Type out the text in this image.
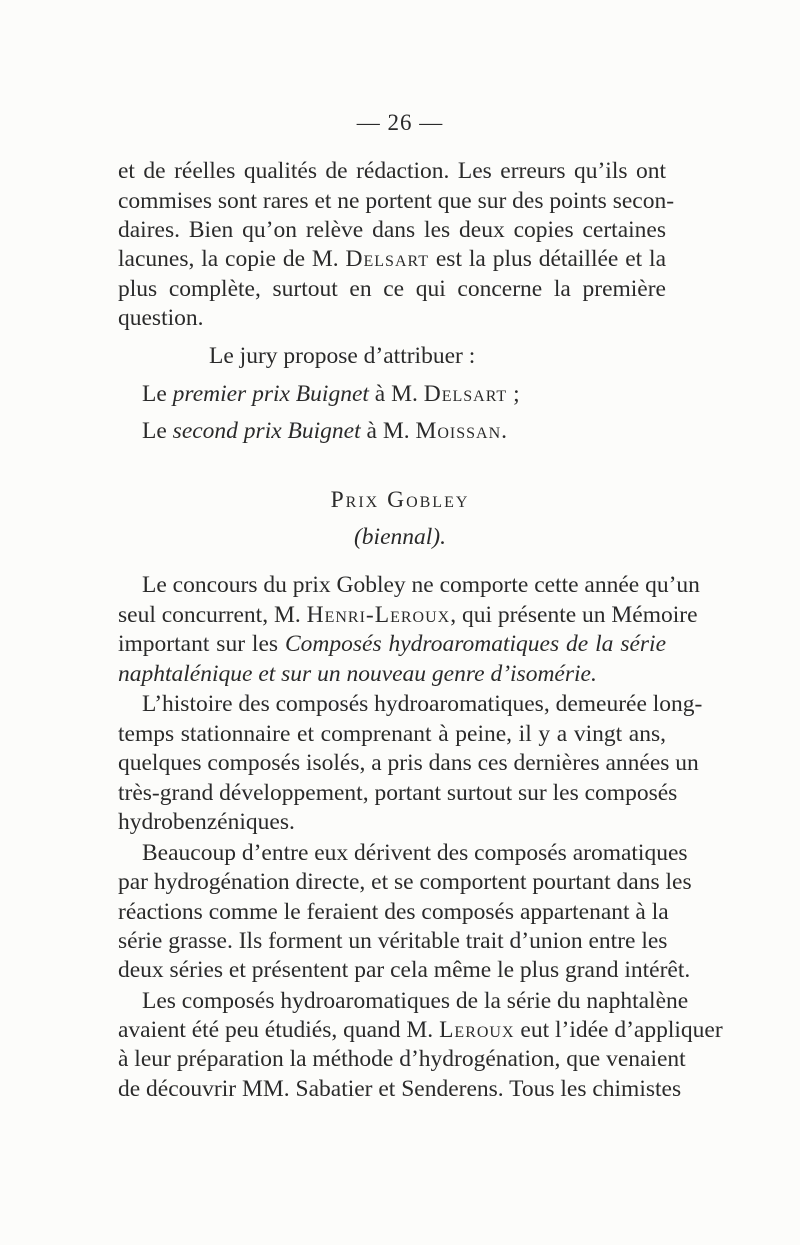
— 26 —
et de réelles qualités de rédaction. Les erreurs qu’ils ont
commises sont rares et ne portent que sur des points secon-
daires. Bien qu’on relève dans les deux copies certaines
lacunes, la copie de M. Delsart est la plus détaillée et la
plus complète, surtout en ce qui concerne la première
question.
Le jury propose d’attribuer :
Le premier prix Buignet à M. Delsart ;
Le second prix Buignet à M. Moissan.
Prix Gobley
(biennal).
Le concours du prix Gobley ne comporte cette année qu’un
seul concurrent, M. Henri-Leroux, qui présente un Mémoire
important sur les Composés hydroaromatiques de la série
naphtalénique et sur un nouveau genre d’isomérie.
L’histoire des composés hydroaromatiques, demeurée long-
temps stationnaire et comprenant à peine, il y a vingt ans,
quelques composés isolés, a pris dans ces dernières années un
très-grand développement, portant surtout sur les composés
hydrobenzéniques.
Beaucoup d’entre eux dérivent des composés aromatiques
par hydrogénation directe, et se comportent pourtant dans les
réactions comme le feraient des composés appartenant à la
série grasse. Ils forment un véritable trait d’union entre les
deux séries et présentent par cela même le plus grand intérêt.
Les composés hydroaromatiques de la série du naphtalène
avaient été peu étudiés, quand M. Leroux eut l’idée d’appliquer
à leur préparation la méthode d’hydrogénation, que venaient
de découvrir MM. Sabatier et Senderens. Tous les chimistes
